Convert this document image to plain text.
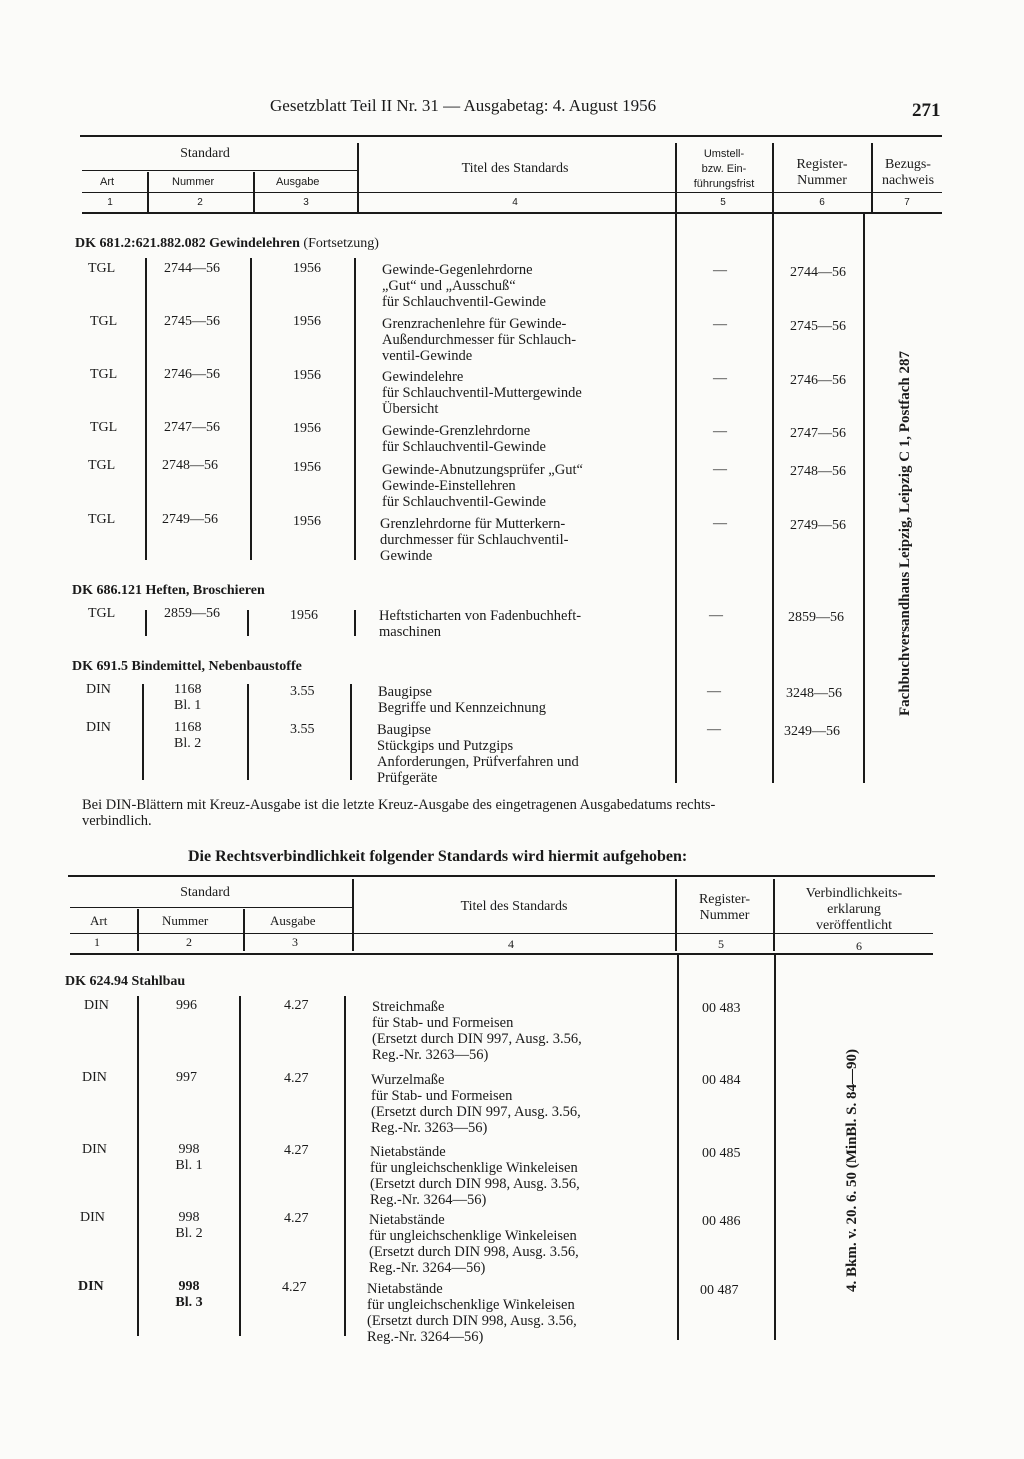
Gesetzblatt Teil II Nr. 31 — Ausgabetag: 4. August 1956	271
Standard
Art	Nummer	Ausgabe
Titel des Standards
Umstell-
bzw. Ein-
führungsfrist
Register-
Nummer
Bezugs-
nachweis
1	2	3	4	5	6	7
DK 681.2:621.882.082 Gewindelehren (Fortsetzung)
DK 686.121 Heften, Broschieren
DK 691.5 Bindemittel, Nebenbaustoffe
TGL	2744—56	1956	Gewinde-Gegenlehrdorne
„Gut“ und „Ausschuß“
für Schlauchventil-Gewinde
—	2744—56
TGL	2745—56	1956	Grenzrachenlehre für Gewinde-
Außendurchmesser für Schlauch-
ventil-Gewinde
—	2745—56
TGL	2746—56	1956	Gewindelehre
für Schlauchventil-Muttergewinde
Übersicht
—	2746—56
TGL	2747—56	1956	Gewinde-Grenzlehrdorne
für Schlauchventil-Gewinde
—	2747—56
TGL	2748—56	1956	Gewinde-Abnutzungsprüfer „Gut“
Gewinde-Einstellehren
für Schlauchventil-Gewinde
—	2748—56
TGL	2749—56	1956	Grenzlehrdorne für Mutterkern-
durchmesser für Schlauchventil-
Gewinde
—	2749—56
TGL	2859—56	1956	Heftsticharten von Fadenbuchheft-
maschinen
—	2859—56
DIN	1168
Bl. 1
3.55	Baugipse
Begriffe und Kennzeichnung
—	3248—56
DIN	1168
Bl. 2
3.55	Baugipse
Stückgips und Putzgips
Anforderungen, Prüfverfahren und
Prüfgeräte
—	3249—56
Fachbuchversandhaus Leipzig, Leipzig C 1, Postfach 287
Bei DIN-Blättern mit Kreuz-Ausgabe ist die letzte Kreuz-Ausgabe des eingetragenen Ausgabedatums rechts-
verbindlich.
Die Rechtsverbindlichkeit folgender Standards wird hiermit aufgehoben:
Standard
Art	Nummer	Ausgabe
Titel des Standards	Register-
Nummer
Verbindlichkeits-
erklarung
veröffentlicht
1	2	3	4	5	6
DK 624.94 Stahlbau
DIN	996	4.27	Streichmaße
für Stab- und Formeisen
(Ersetzt durch DIN 997, Ausg. 3.56,
Reg.-Nr. 3263—56)
00 483
DIN	997	4.27	Wurzelmaße
für Stab- und Formeisen
(Ersetzt durch DIN 997, Ausg. 3.56,
Reg.-Nr. 3263—56)
00 484
DIN	998
Bl. 1
4.27	Nietabstände
für ungleichschenklige Winkeleisen
(Ersetzt durch DIN 998, Ausg. 3.56,
Reg.-Nr. 3264—56)
00 485
DIN	998
Bl. 2
4.27	Nietabstände
für ungleichschenklige Winkeleisen
(Ersetzt durch DIN 998, Ausg. 3.56,
Reg.-Nr. 3264—56)
00 486
DIN	998
Bl. 3
4.27	Nietabstände
für ungleichschenklige Winkeleisen
(Ersetzt durch DIN 998, Ausg. 3.56,
Reg.-Nr. 3264—56)
00 487	4. Bkm. v. 20. 6. 50 (MinBl. S. 84—90)
